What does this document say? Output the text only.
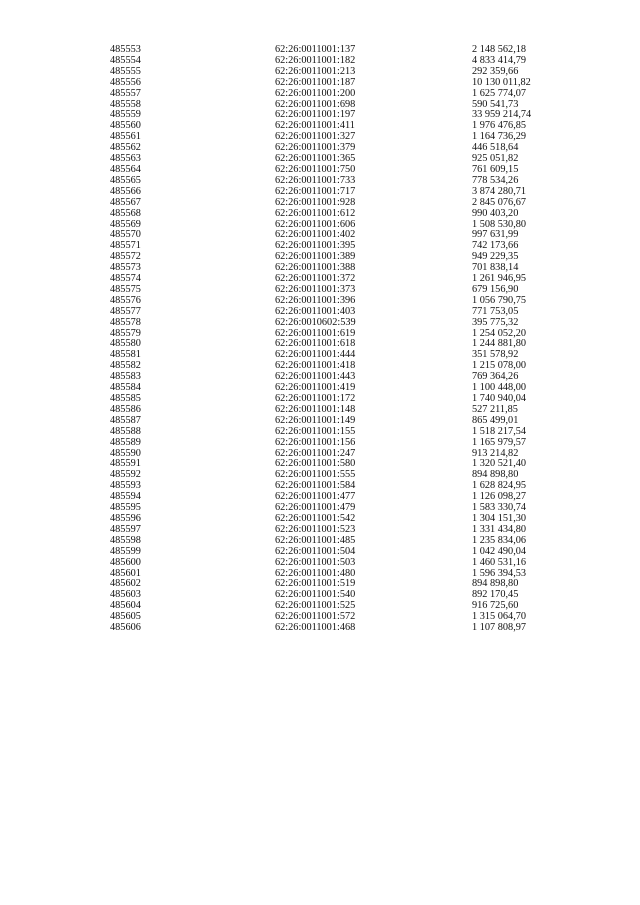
485553	62:26:0011001:137	2 148 562,18
485554	62:26:0011001:182	4 833 414,79
485555	62:26:0011001:213	292 359,66
485556	62:26:0011001:187	10 130 011,82
485557	62:26:0011001:200	1 625 774,07
485558	62:26:0011001:698	590 541,73
485559	62:26:0011001:197	33 959 214,74
485560	62:26:0011001:411	1 976 476,85
485561	62:26:0011001:327	1 164 736,29
485562	62:26:0011001:379	446 518,64
485563	62:26:0011001:365	925 051,82
485564	62:26:0011001:750	761 609,15
485565	62:26:0011001:733	778 534,26
485566	62:26:0011001:717	3 874 280,71
485567	62:26:0011001:928	2 845 076,67
485568	62:26:0011001:612	990 403,20
485569	62:26:0011001:606	1 508 530,80
485570	62:26:0011001:402	997 631,99
485571	62:26:0011001:395	742 173,66
485572	62:26:0011001:389	949 229,35
485573	62:26:0011001:388	701 838,14
485574	62:26:0011001:372	1 261 946,95
485575	62:26:0011001:373	679 156,90
485576	62:26:0011001:396	1 056 790,75
485577	62:26:0011001:403	771 753,05
485578	62:26:0010602:539	395 775,32
485579	62:26:0011001:619	1 254 052,20
485580	62:26:0011001:618	1 244 881,80
485581	62:26:0011001:444	351 578,92
485582	62:26:0011001:418	1 215 078,00
485583	62:26:0011001:443	769 364,26
485584	62:26:0011001:419	1 100 448,00
485585	62:26:0011001:172	1 740 940,04
485586	62:26:0011001:148	527 211,85
485587	62:26:0011001:149	865 499,01
485588	62:26:0011001:155	1 518 217,54
485589	62:26:0011001:156	1 165 979,57
485590	62:26:0011001:247	913 214,82
485591	62:26:0011001:580	1 320 521,40
485592	62:26:0011001:555	894 898,80
485593	62:26:0011001:584	1 628 824,95
485594	62:26:0011001:477	1 126 098,27
485595	62:26:0011001:479	1 583 330,74
485596	62:26:0011001:542	1 304 151,30
485597	62:26:0011001:523	1 331 434,80
485598	62:26:0011001:485	1 235 834,06
485599	62:26:0011001:504	1 042 490,04
485600	62:26:0011001:503	1 460 531,16
485601	62:26:0011001:480	1 596 394,53
485602	62:26:0011001:519	894 898,80
485603	62:26:0011001:540	892 170,45
485604	62:26:0011001:525	916 725,60
485605	62:26:0011001:572	1 315 064,70
485606	62:26:0011001:468	1 107 808,97
